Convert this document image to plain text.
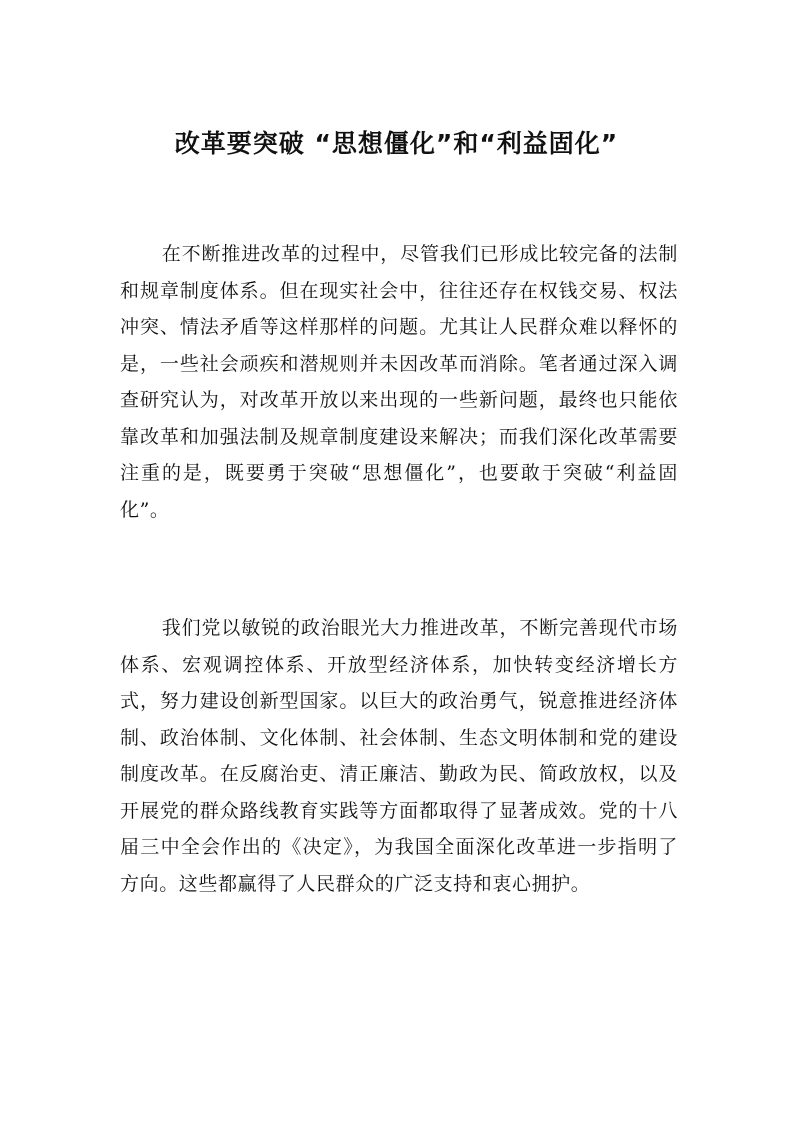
改革要突破 “思想僵化”和“利益固化”

在不断推进改革的过程中，尽管我们已形成比较完备的法制和规章制度体系。但在现实社会中，往往还存在权钱交易、权法冲突、情法矛盾等这样那样的问题。尤其让人民群众难以释怀的是，一些社会顽疾和潜规则并未因改革而消除。笔者通过深入调查研究认为，对改革开放以来出现的一些新问题，最终也只能依靠改革和加强法制及规章制度建设来解决；而我们深化改革需要注重的是，既要勇于突破“思想僵化”，也要敢于突破“利益固化”。

我们党以敏锐的政治眼光大力推进改革，不断完善现代市场体系、宏观调控体系、开放型经济体系，加快转变经济增长方式，努力建设创新型国家。以巨大的政治勇气，锐意推进经济体制、政治体制、文化体制、社会体制、生态文明体制和党的建设制度改革。在反腐治吏、清正廉洁、勤政为民、简政放权，以及开展党的群众路线教育实践等方面都取得了显著成效。党的十八届三中全会作出的《决定》，为我国全面深化改革进一步指明了方向。这些都赢得了人民群众的广泛支持和衷心拥护。
